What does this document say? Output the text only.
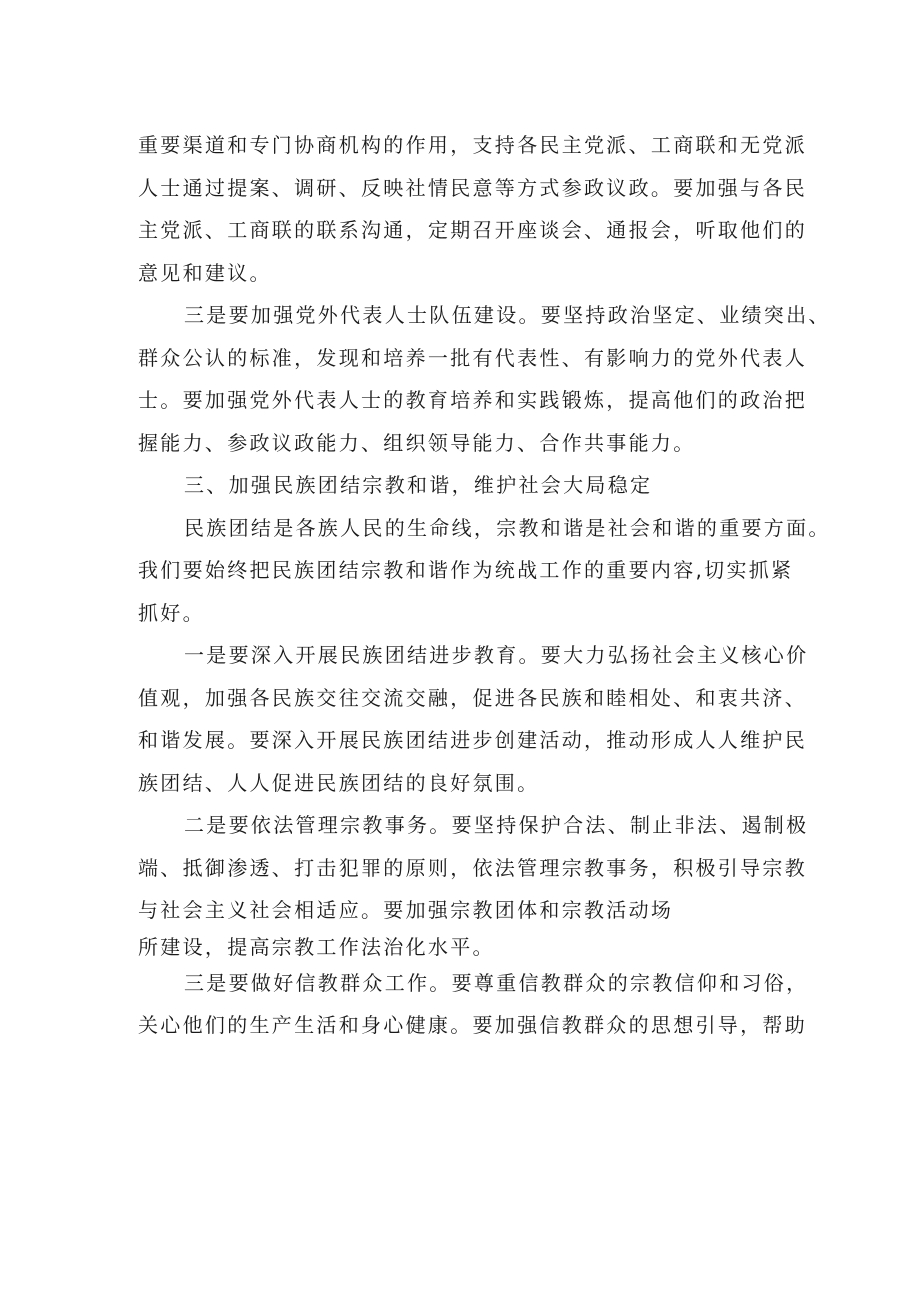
重要渠道和专门协商机构的作用，支持各民主党派、工商联和无党派
人士通过提案、调研、反映社情民意等方式参政议政。要加强与各民
主党派、工商联的联系沟通，定期召开座谈会、通报会，听取他们的
意见和建议。
三是要加强党外代表人士队伍建设。要坚持政治坚定、业绩突出、
群众公认的标准，发现和培养一批有代表性、有影响力的党外代表人
士。要加强党外代表人士的教育培养和实践锻炼，提高他们的政治把
握能力、参政议政能力、组织领导能力、合作共事能力。
三、加强民族团结宗教和谐，维护社会大局稳定
民族团结是各族人民的生命线，宗教和谐是社会和谐的重要方面。
我们要始终把民族团结宗教和谐作为统战工作的重要内容,切实抓紧
抓好。
一是要深入开展民族团结进步教育。要大力弘扬社会主义核心价
值观，加强各民族交往交流交融，促进各民族和睦相处、和衷共济、
和谐发展。要深入开展民族团结进步创建活动，推动形成人人维护民
族团结、人人促进民族团结的良好氛围。
二是要依法管理宗教事务。要坚持保护合法、制止非法、遏制极
端、抵御渗透、打击犯罪的原则，依法管理宗教事务，积极引导宗教
与社会主义社会相适应。要加强宗教团体和宗教活动场
所建设，提高宗教工作法治化水平。
三是要做好信教群众工作。要尊重信教群众的宗教信仰和习俗，
关心他们的生产生活和身心健康。要加强信教群众的思想引导，帮助
